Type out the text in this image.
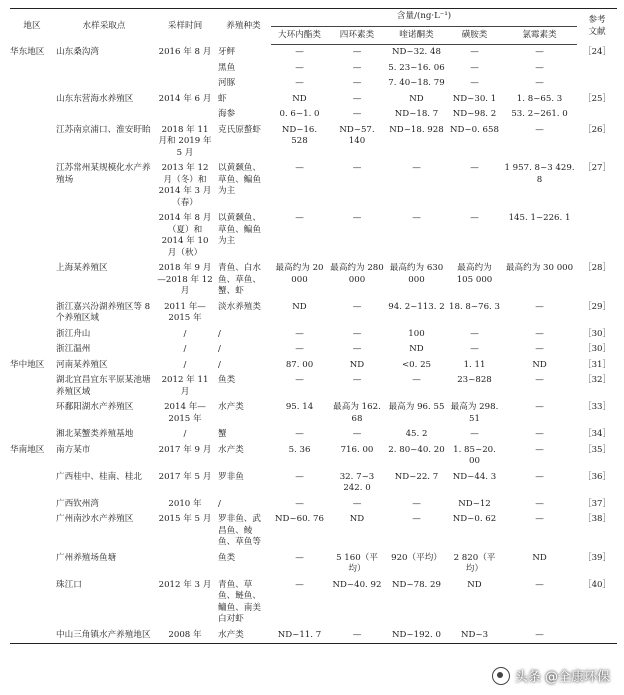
地区	水样采取点	采样时间	养殖种类	含量/(ng·L⁻¹)					参考
文献
				大环内酯类	四环素类	喹诺酮类	磺胺类	氯霉素类	
华东地区	山东桑沟湾	2016 年 8 月	牙鲆	—	—	ND~32. 48	—	—	［24］
			黑鱼	—	—	5. 23~16. 06	—	—	
			河豚	—	—	7. 40~18. 79	—	—	
	山东东营海水养殖区	2014 年 6 月	虾	ND	—	ND	ND~30. 1	1. 8~65. 3	［25］
			海参	0. 6~1. 0	—	ND~18. 7	ND~98. 2	53. 2~261. 0	
	江苏南京浦口、淮安盱眙	2018 年 11 月和 2019 年 5 月	克氏原螯虾	ND~16. 528	ND~57. 140	ND~18. 928	ND~0. 658	—	［26］
	江苏常州某规模化水产养殖场	2013 年 12 月（冬）和 2014 年 3 月（春）	以黄颡鱼、草鱼、鳊鱼为主	—	—	—	—	1 957. 8~3 429. 8	［27］
		2014 年 8 月（夏）和 2014 年 10 月（秋）	以黄颡鱼、草鱼、鳊鱼为主	—	—	—	—	145. 1~226. 1	
	上海某养殖区	2018 年 9 月—2018 年 12 月	青鱼、白水鱼、草鱼、蟹、虾	最高约为 20 000	最高约为 280 000	最高约为 630 000	最高约为 105 000	最高约为 30 000	［28］
	浙江嘉兴汾湖养殖区等 8 个养殖区域	2011 年—2015 年	淡水养殖类	ND	—	94. 2~113. 2	18. 8~76. 3	—	［29］
	浙江舟山	/	/	—	—	100	—	—	［30］
	浙江温州	/	/	—	—	ND	—	—	［30］
华中地区	河南某养殖区	/	/	87. 00	ND	<0. 25	1. 11	ND	［31］
	湖北宜昌宜东平原某池塘养殖区域	2012 年 11 月	鱼类	—	—	—	23~828	—	［32］
	环鄱阳湖水产养殖区	2014 年—2015 年	水产类	95. 14	最高为 162. 68	最高为 96. 55	最高为 298. 51	—	［33］
	湘北某蟹类养殖基地	/	蟹	—	—	45. 2	—	—	［34］
华南地区	南方某市	2017 年 9 月	水产类	5. 36	716. 00	2. 80~40. 20	1. 85~20. 00	—	［35］
	广西桂中、桂南、桂北	2017 年 5 月	罗非鱼	—	32. 7~3 242. 0	ND~22. 7	ND~44. 3	—	［36］
	广西钦州湾	2010 年	/	—	—	—	ND~12	—	［37］
	广州南沙水产养殖区	2015 年 5 月	罗非鱼、武昌鱼、鲮鱼、草鱼等	ND~60. 76	ND	—	ND~0. 62	—	［38］
	广州养殖场鱼塘		鱼类	—	5 160（平均）	920（平均）	2 820（平均）	ND	［39］
	珠江口	2012 年 3 月	青鱼、草鱼、鲢鱼、鳙鱼、南美白对虾	—	ND~40. 92	ND~78. 29	ND	—	［40］
	中山三角镇水产养殖地区	2008 年	水产类	ND~11. 7	—	ND~192. 0	ND~3	—	
头条 @全康环保
